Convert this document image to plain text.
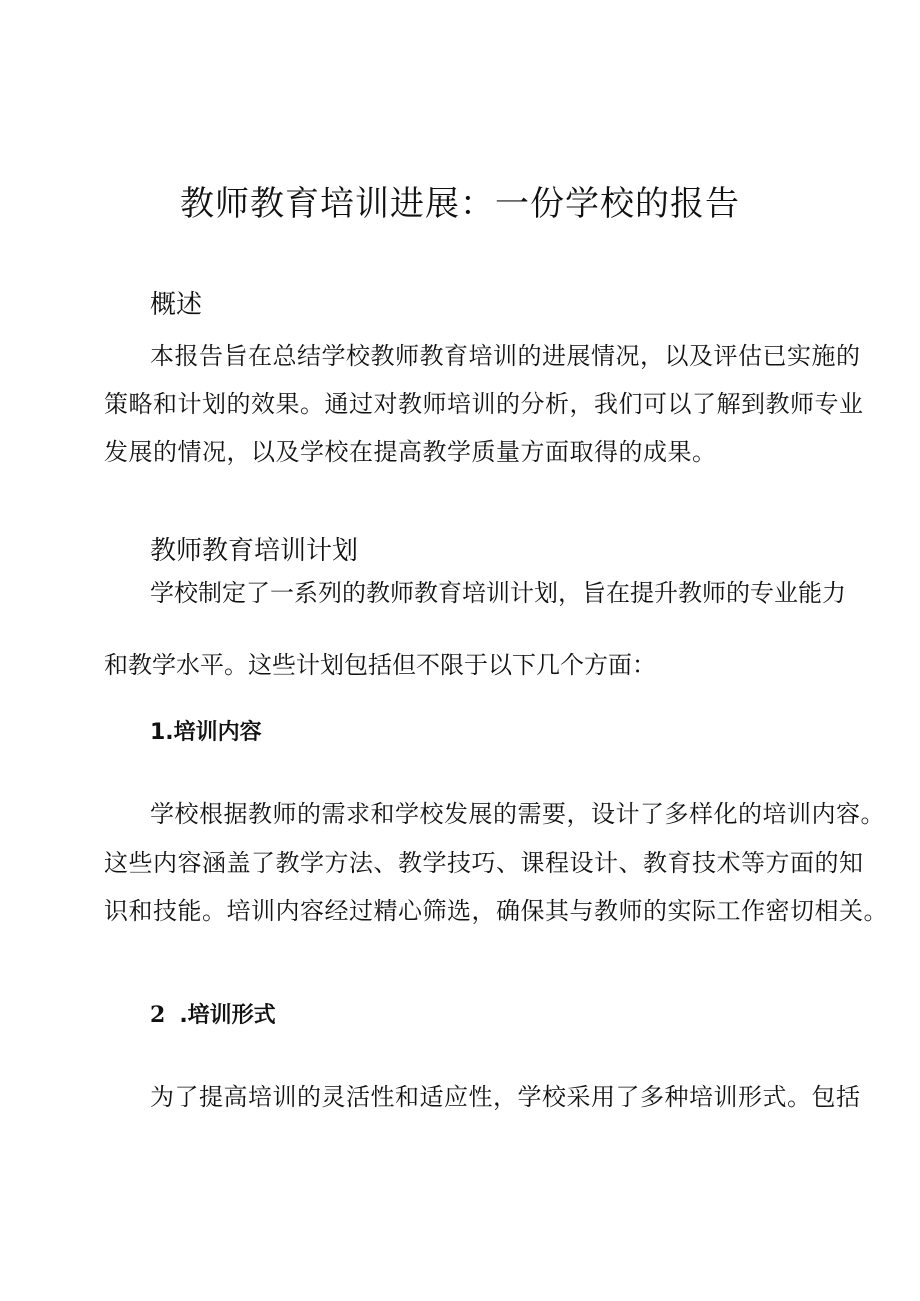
教师教育培训进展：一份学校的报告
概述

本报告旨在总结学校教师教育培训的进展情况，以及评估已实施的

策略和计划的效果。通过对教师培训的分析，我们可以了解到教师专业

发展的情况，以及学校在提高教学质量方面取得的成果。

教师教育培训计划

学校制定了一系列的教师教育培训计划，旨在提升教师的专业能力

和教学水平。这些计划包括但不限于以下几个方面：

1.培训内容

学校根据教师的需求和学校发展的需要，设计了多样化的培训内容。

这些内容涵盖了教学方法、教学技巧、课程设计、教育技术等方面的知

识和技能。培训内容经过精心筛选，确保其与教师的实际工作密切相关。

2 .培训形式

为了提高培训的灵活性和适应性，学校采用了多种培训形式。包括
